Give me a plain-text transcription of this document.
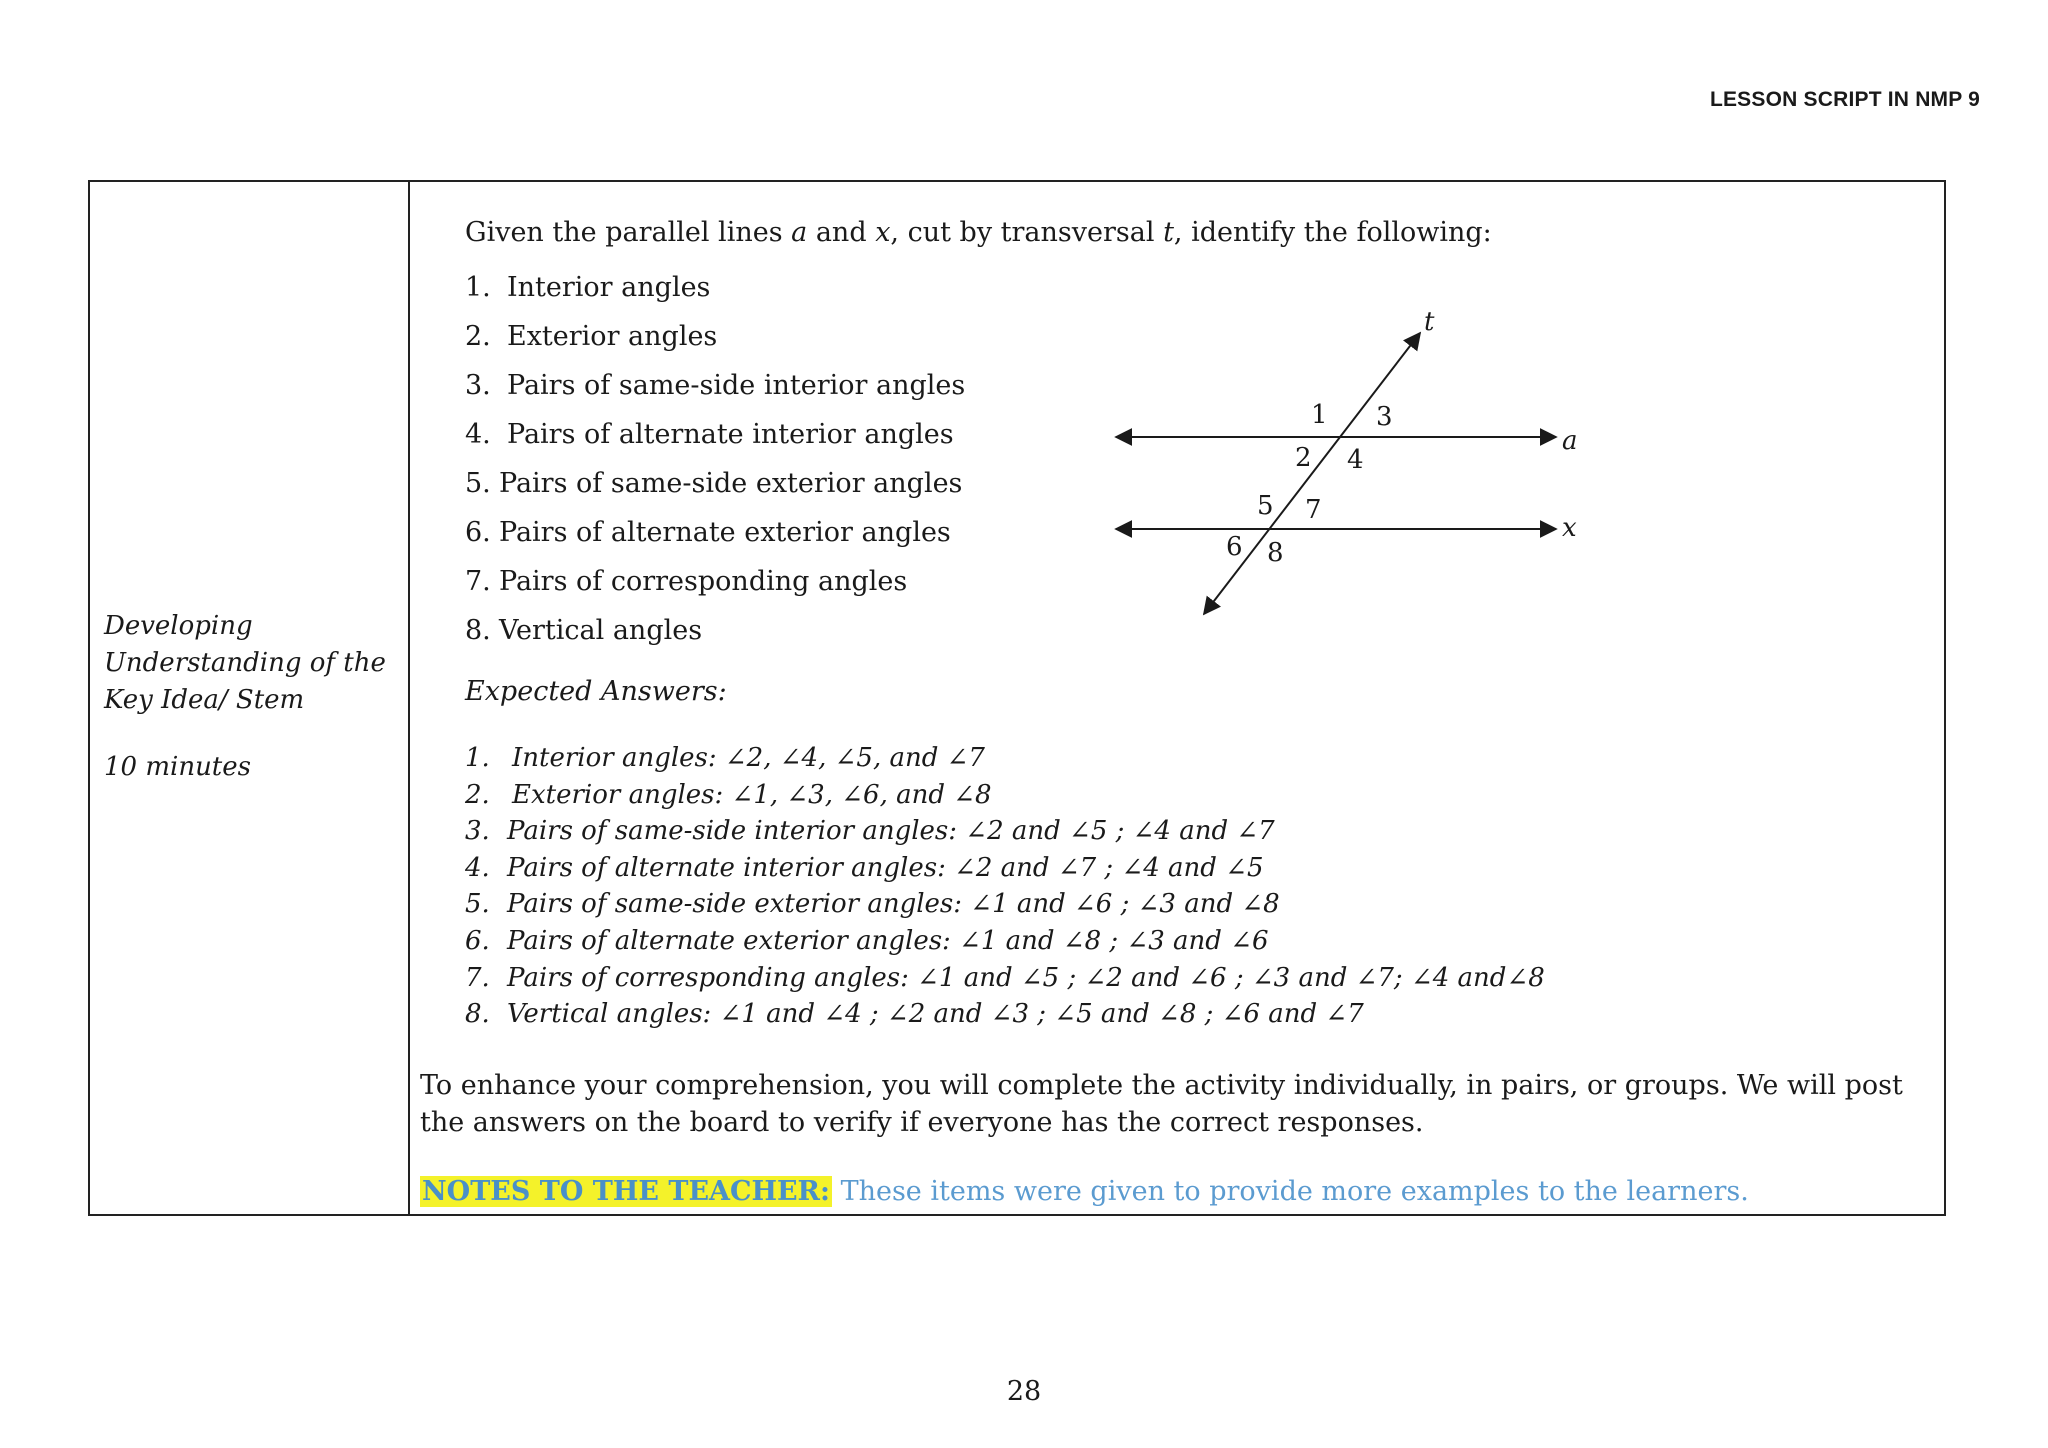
LESSON SCRIPT IN NMP 9
Developing Understanding of the Key Idea/ Stem
10 minutes
Given the parallel lines a and x, cut by transversal t, identify the following:
1. Interior angles
2. Exterior angles
3. Pairs of same-side interior angles
4. Pairs of alternate interior angles
5. Pairs of same-side exterior angles
6. Pairs of alternate exterior angles
7. Pairs of corresponding angles
8. Vertical angles
Expected Answers:
1. Interior angles: ∠2, ∠4, ∠5, and ∠7
2. Exterior angles: ∠1, ∠3, ∠6, and ∠8
3. Pairs of same-side interior angles: ∠2 and ∠5 ; ∠4 and ∠7
4. Pairs of alternate interior angles: ∠2 and ∠7 ; ∠4 and ∠5
5. Pairs of same-side exterior angles: ∠1 and ∠6 ; ∠3 and ∠8
6. Pairs of alternate exterior angles: ∠1 and ∠8 ; ∠3 and ∠6
7. Pairs of corresponding angles: ∠1 and ∠5 ; ∠2 and ∠6 ; ∠3 and ∠7; ∠4 and∠8
8. Vertical angles: ∠1 and ∠4 ; ∠2 and ∠3 ; ∠5 and ∠8 ; ∠6 and ∠7
To enhance your comprehension, you will complete the activity individually, in pairs, or groups. We will post the answers on the board to verify if everyone has the correct responses.
NOTES TO THE TEACHER: These items were given to provide more examples to the learners.
a
x
t
1
2
3
4
5
6
7
8
28
